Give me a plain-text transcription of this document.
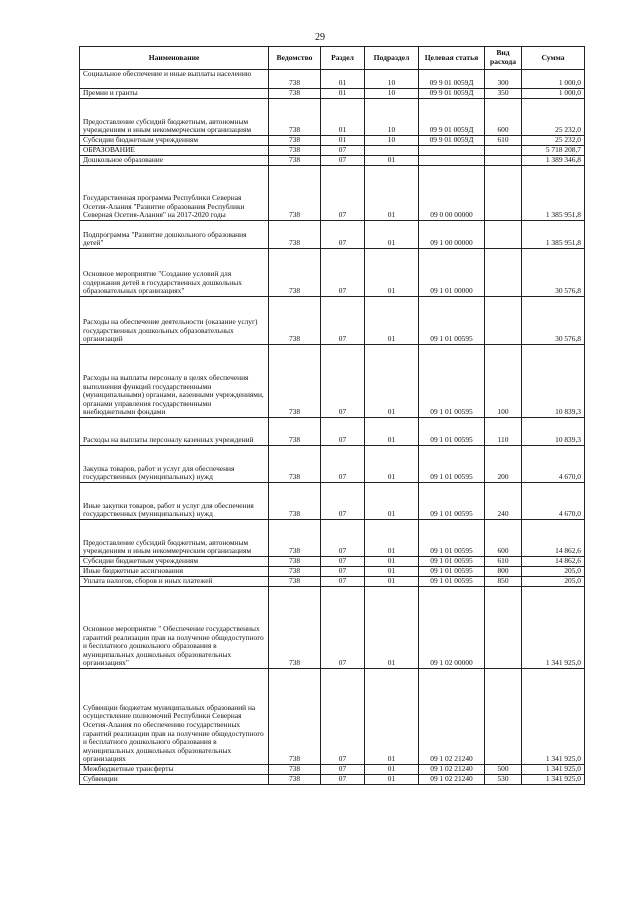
29
Наименование	Ведомство	Раздел	Подраздел	Целевая статья	Вид расхода	Сумма
Социальное обеспечение и иные выплаты населению	738	01	10	09 9 01 0059Д	300	1 000,0
Премии и гранты	738	01	10	09 9 01 0059Д	350	1 000,0
Предоставление субсидий бюджетным, автономным учреждениям и иным некоммерческим организациям	738	01	10	09 9 01 0059Д	600	25 232,0
Субсидии бюджетным учреждениям	738	01	10	09 9 01 0059Д	610	25 232,0
ОБРАЗОВАНИЕ	738	07				5 718 208,7
Дошкольное образование	738	07	01			1 389 346,8
Государственная программа Республики Северная Осетия-Алания "Развитие образования Республики Северная Осетия-Алания" на 2017-2020 годы	738	07	01	09 0 00 00000		1 385 951,8
Подпрограмма "Развитие дошкольного образования детей"	738	07	01	09 1 00 00000		1 385 951,8
Основное мероприятие "Создание условий для содержания детей в государственных дошкольных образовательных организациях"	738	07	01	09 1 01 00000		30 576,8
Расходы на обеспечение деятельности (оказание услуг) государственных дошкольных образовательных организаций	738	07	01	09 1 01 00595		30 576,8
Расходы на выплаты персоналу в целях обеспечения выполнения функций государственными (муниципальными) органами, казенными учреждениями, органами управления государственными внебюджетными фондами	738	07	01	09 1 01 00595	100	10 839,3
Расходы на выплаты персоналу казенных учреждений	738	07	01	09 1 01 00595	110	10 839,3
Закупка товаров, работ и услуг для обеспечения государственных (муниципальных) нужд	738	07	01	09 1 01 00595	200	4 670,0
Иные закупки товаров, работ и услуг для обеспечения государственных (муниципальных) нужд	738	07	01	09 1 01 00595	240	4 670,0
Предоставление субсидий бюджетным, автономным учреждениям и иным некоммерческим организациям	738	07	01	09 1 01 00595	600	14 862,6
Субсидии бюджетным учреждениям	738	07	01	09 1 01 00595	610	14 862,6
Иные бюджетные ассигнования	738	07	01	09 1 01 00595	800	205,0
Уплата налогов, сборов и иных платежей	738	07	01	09 1 01 00595	850	205,0
Основное мероприятие " Обеспечение государственных гарантий реализации прав на получение общедоступного и бесплатного дошкольного образования в муниципальных дошкольных образовательных организациях"	738	07	01	09 1 02 00000		1 341 925,0
Субвенции бюджетам муниципальных образований на осуществление полномочий Республики Северная Осетия-Алания по обеспечению государственных гарантий реализации прав на получение общедоступного и бесплатного дошкольного образования в муниципальных дошкольных образовательных организациях	738	07	01	09 1 02 21240		1 341 925,0
Межбюджетные трансферты	738	07	01	09 1 02 21240	500	1 341 925,0
Субвенции	738	07	01	09 1 02 21240	530	1 341 925,0
